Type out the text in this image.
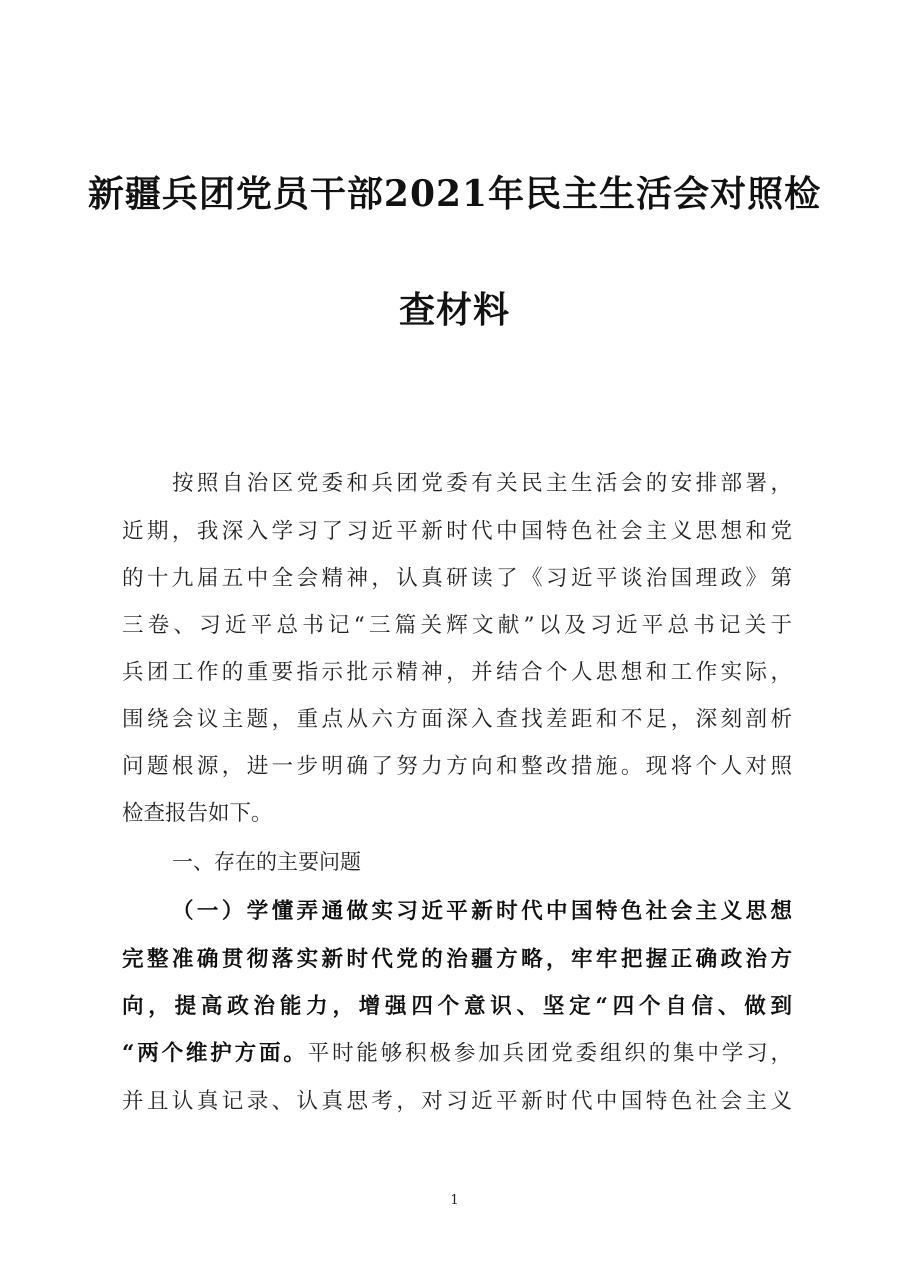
新疆兵团党员干部2021年民主生活会对照检
查材料

按照自治区党委和兵团党委有关民主生活会的安排部署，

近期，我深入学习了习近平新时代中国特色社会主义思想和党

的十九届五中全会精神，认真研读了《习近平谈治国理政》第

三卷、习近平总书记“三篇关辉文献”以及习近平总书记关于

兵团工作的重要指示批示精神，并结合个人思想和工作实际，

围绕会议主题，重点从六方面深入查找差距和不足，深刻剖析

问题根源，进一步明确了努力方向和整改措施。现将个人对照

检查报告如下。

一、存在的主要问题

（一）学懂弄通做实习近平新时代中国特色社会主义思想

完整准确贯彻落实新时代党的治疆方略，牢牢把握正确政治方

向，提高政治能力，增强四个意识、坚定“四个自信、做到

“两个维护方面。平时能够积极参加兵团党委组织的集中学习，

并且认真记录、认真思考，对习近平新时代中国特色社会主义

1
